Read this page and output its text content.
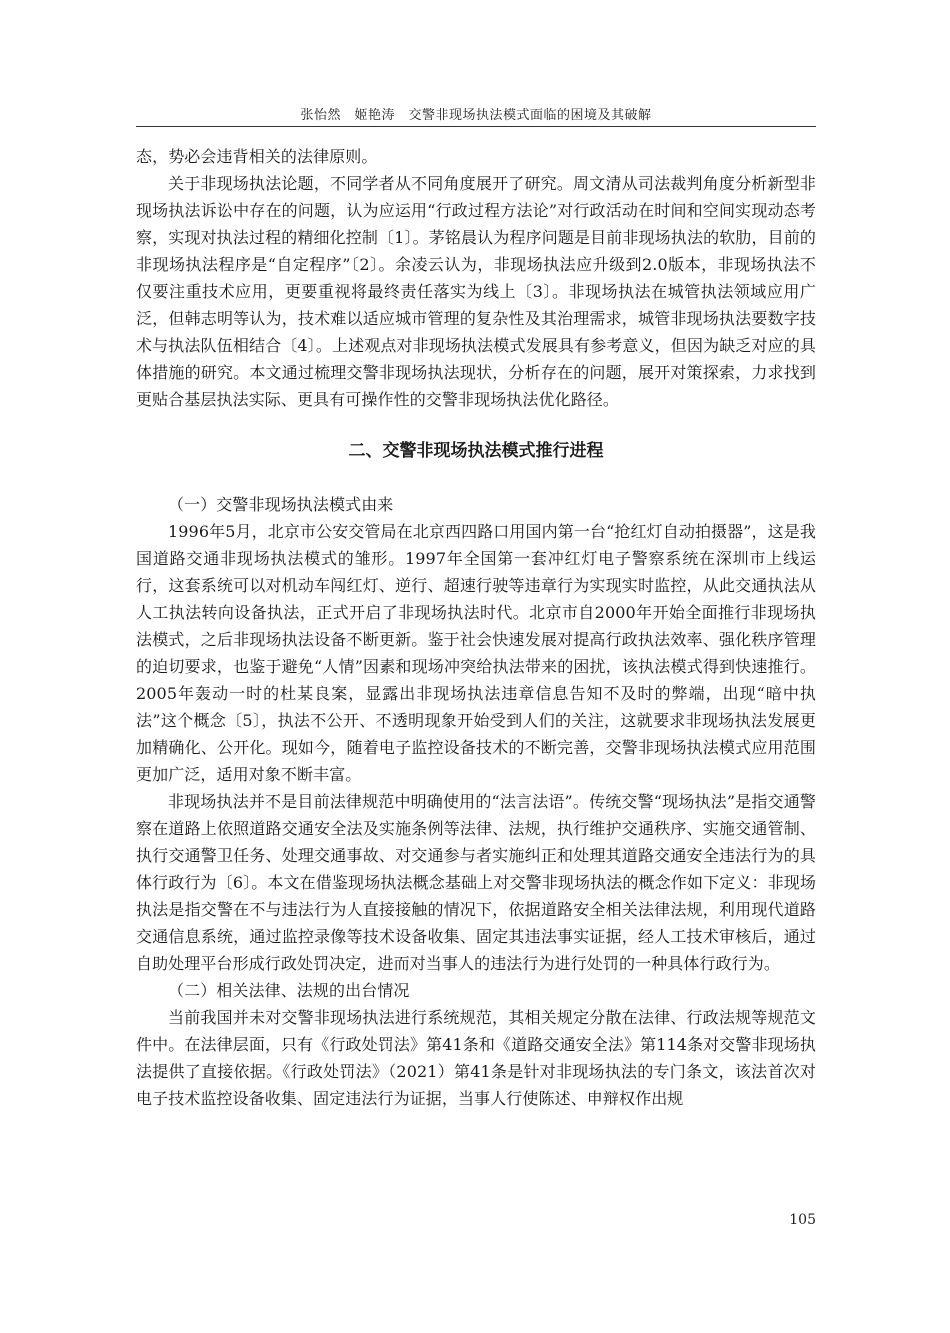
张怡然　姬艳涛　交警非现场执法模式面临的困境及其破解

态，势必会违背相关的法律原则。

关于非现场执法论题，不同学者从不同角度展开了研究。周文清从司法裁判角度分析新型非现场执法诉讼中存在的问题，认为应运用“行政过程方法论”对行政活动在时间和空间实现动态考察，实现对执法过程的精细化控制〔1〕。茅铭晨认为程序问题是目前非现场执法的软肋，目前的非现场执法程序是“自定程序”〔2〕。余凌云认为，非现场执法应升级到2.0版本，非现场执法不仅要注重技术应用，更要重视将最终责任落实为线上〔3〕。非现场执法在城管执法领域应用广泛，但韩志明等认为，技术难以适应城市管理的复杂性及其治理需求，城管非现场执法要数字技术与执法队伍相结合〔4〕。上述观点对非现场执法模式发展具有参考意义，但因为缺乏对应的具体措施的研究。本文通过梳理交警非现场执法现状，分析存在的问题，展开对策探索，力求找到更贴合基层执法实际、更具有可操作性的交警非现场执法优化路径。

二、交警非现场执法模式推行进程
（一）交警非现场执法模式由来

1996年5月，北京市公安交管局在北京西四路口用国内第一台“抢红灯自动拍摄器”，这是我国道路交通非现场执法模式的雏形。1997年全国第一套冲红灯电子警察系统在深圳市上线运行，这套系统可以对机动车闯红灯、逆行、超速行驶等违章行为实现实时监控，从此交通执法从人工执法转向设备执法，正式开启了非现场执法时代。北京市自2000年开始全面推行非现场执法模式，之后非现场执法设备不断更新。鉴于社会快速发展对提高行政执法效率、强化秩序管理的迫切要求，也鉴于避免“人情”因素和现场冲突给执法带来的困扰，该执法模式得到快速推行。2005年轰动一时的杜某良案，显露出非现场执法违章信息告知不及时的弊端，出现“暗中执法”这个概念〔5〕，执法不公开、不透明现象开始受到人们的关注，这就要求非现场执法发展更加精确化、公开化。现如今，随着电子监控设备技术的不断完善，交警非现场执法模式应用范围更加广泛，适用对象不断丰富。

非现场执法并不是目前法律规范中明确使用的“法言法语”。传统交警“现场执法”是指交通警察在道路上依照道路交通安全法及实施条例等法律、法规，执行维护交通秩序、实施交通管制、执行交通警卫任务、处理交通事故、对交通参与者实施纠正和处理其道路交通安全违法行为的具体行政行为〔6〕。本文在借鉴现场执法概念基础上对交警非现场执法的概念作如下定义：非现场执法是指交警在不与违法行为人直接接触的情况下，依据道路安全相关法律法规，利用现代道路交通信息系统，通过监控录像等技术设备收集、固定其违法事实证据，经人工技术审核后，通过自助处理平台形成行政处罚决定，进而对当事人的违法行为进行处罚的一种具体行政行为。

（二）相关法律、法规的出台情况

当前我国并未对交警非现场执法进行系统规范，其相关规定分散在法律、行政法规等规范文件中。在法律层面，只有《行政处罚法》第41条和《道路交通安全法》第114条对交警非现场执法提供了直接依据。《行政处罚法》（2021）第41条是针对非现场执法的专门条文，该法首次对电子技术监控设备收集、固定违法行为证据，当事人行使陈述、申辩权作出规

105
